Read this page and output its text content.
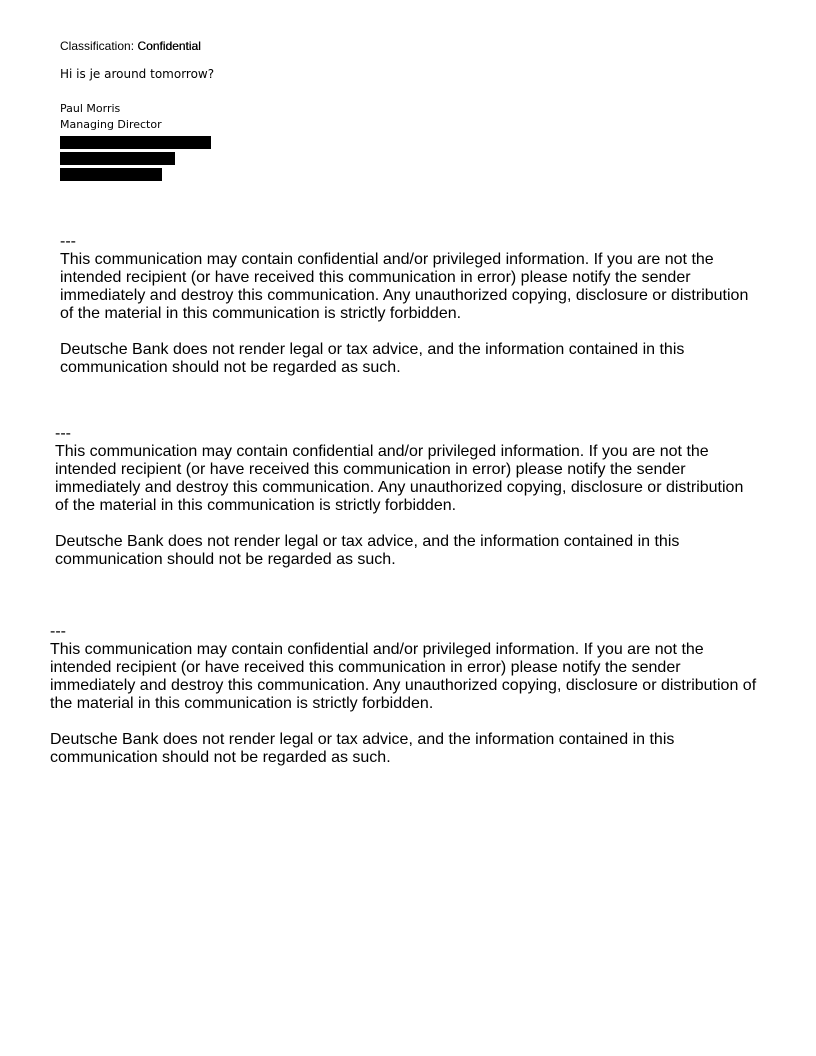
Classification: Confidential
Hi is je around tomorrow?
Paul Morris
Managing Director
---

This communication may contain confidential and/or privileged information. If you are not the intended recipient (or have received this communication in error) please notify the sender immediately and destroy this communication. Any unauthorized copying, disclosure or distribution of the material in this communication is strictly forbidden.

Deutsche Bank does not render legal or tax advice, and the information contained in this communication should not be regarded as such.

---

This communication may contain confidential and/or privileged information. If you are not the intended recipient (or have received this communication in error) please notify the sender immediately and destroy this communication. Any unauthorized copying, disclosure or distribution of the material in this communication is strictly forbidden.

Deutsche Bank does not render legal or tax advice, and the information contained in this communication should not be regarded as such.

---

This communication may contain confidential and/or privileged information. If you are not the intended recipient (or have received this communication in error) please notify the sender immediately and destroy this communication. Any unauthorized copying, disclosure or distribution of the material in this communication is strictly forbidden.

Deutsche Bank does not render legal or tax advice, and the information contained in this communication should not be regarded as such.
